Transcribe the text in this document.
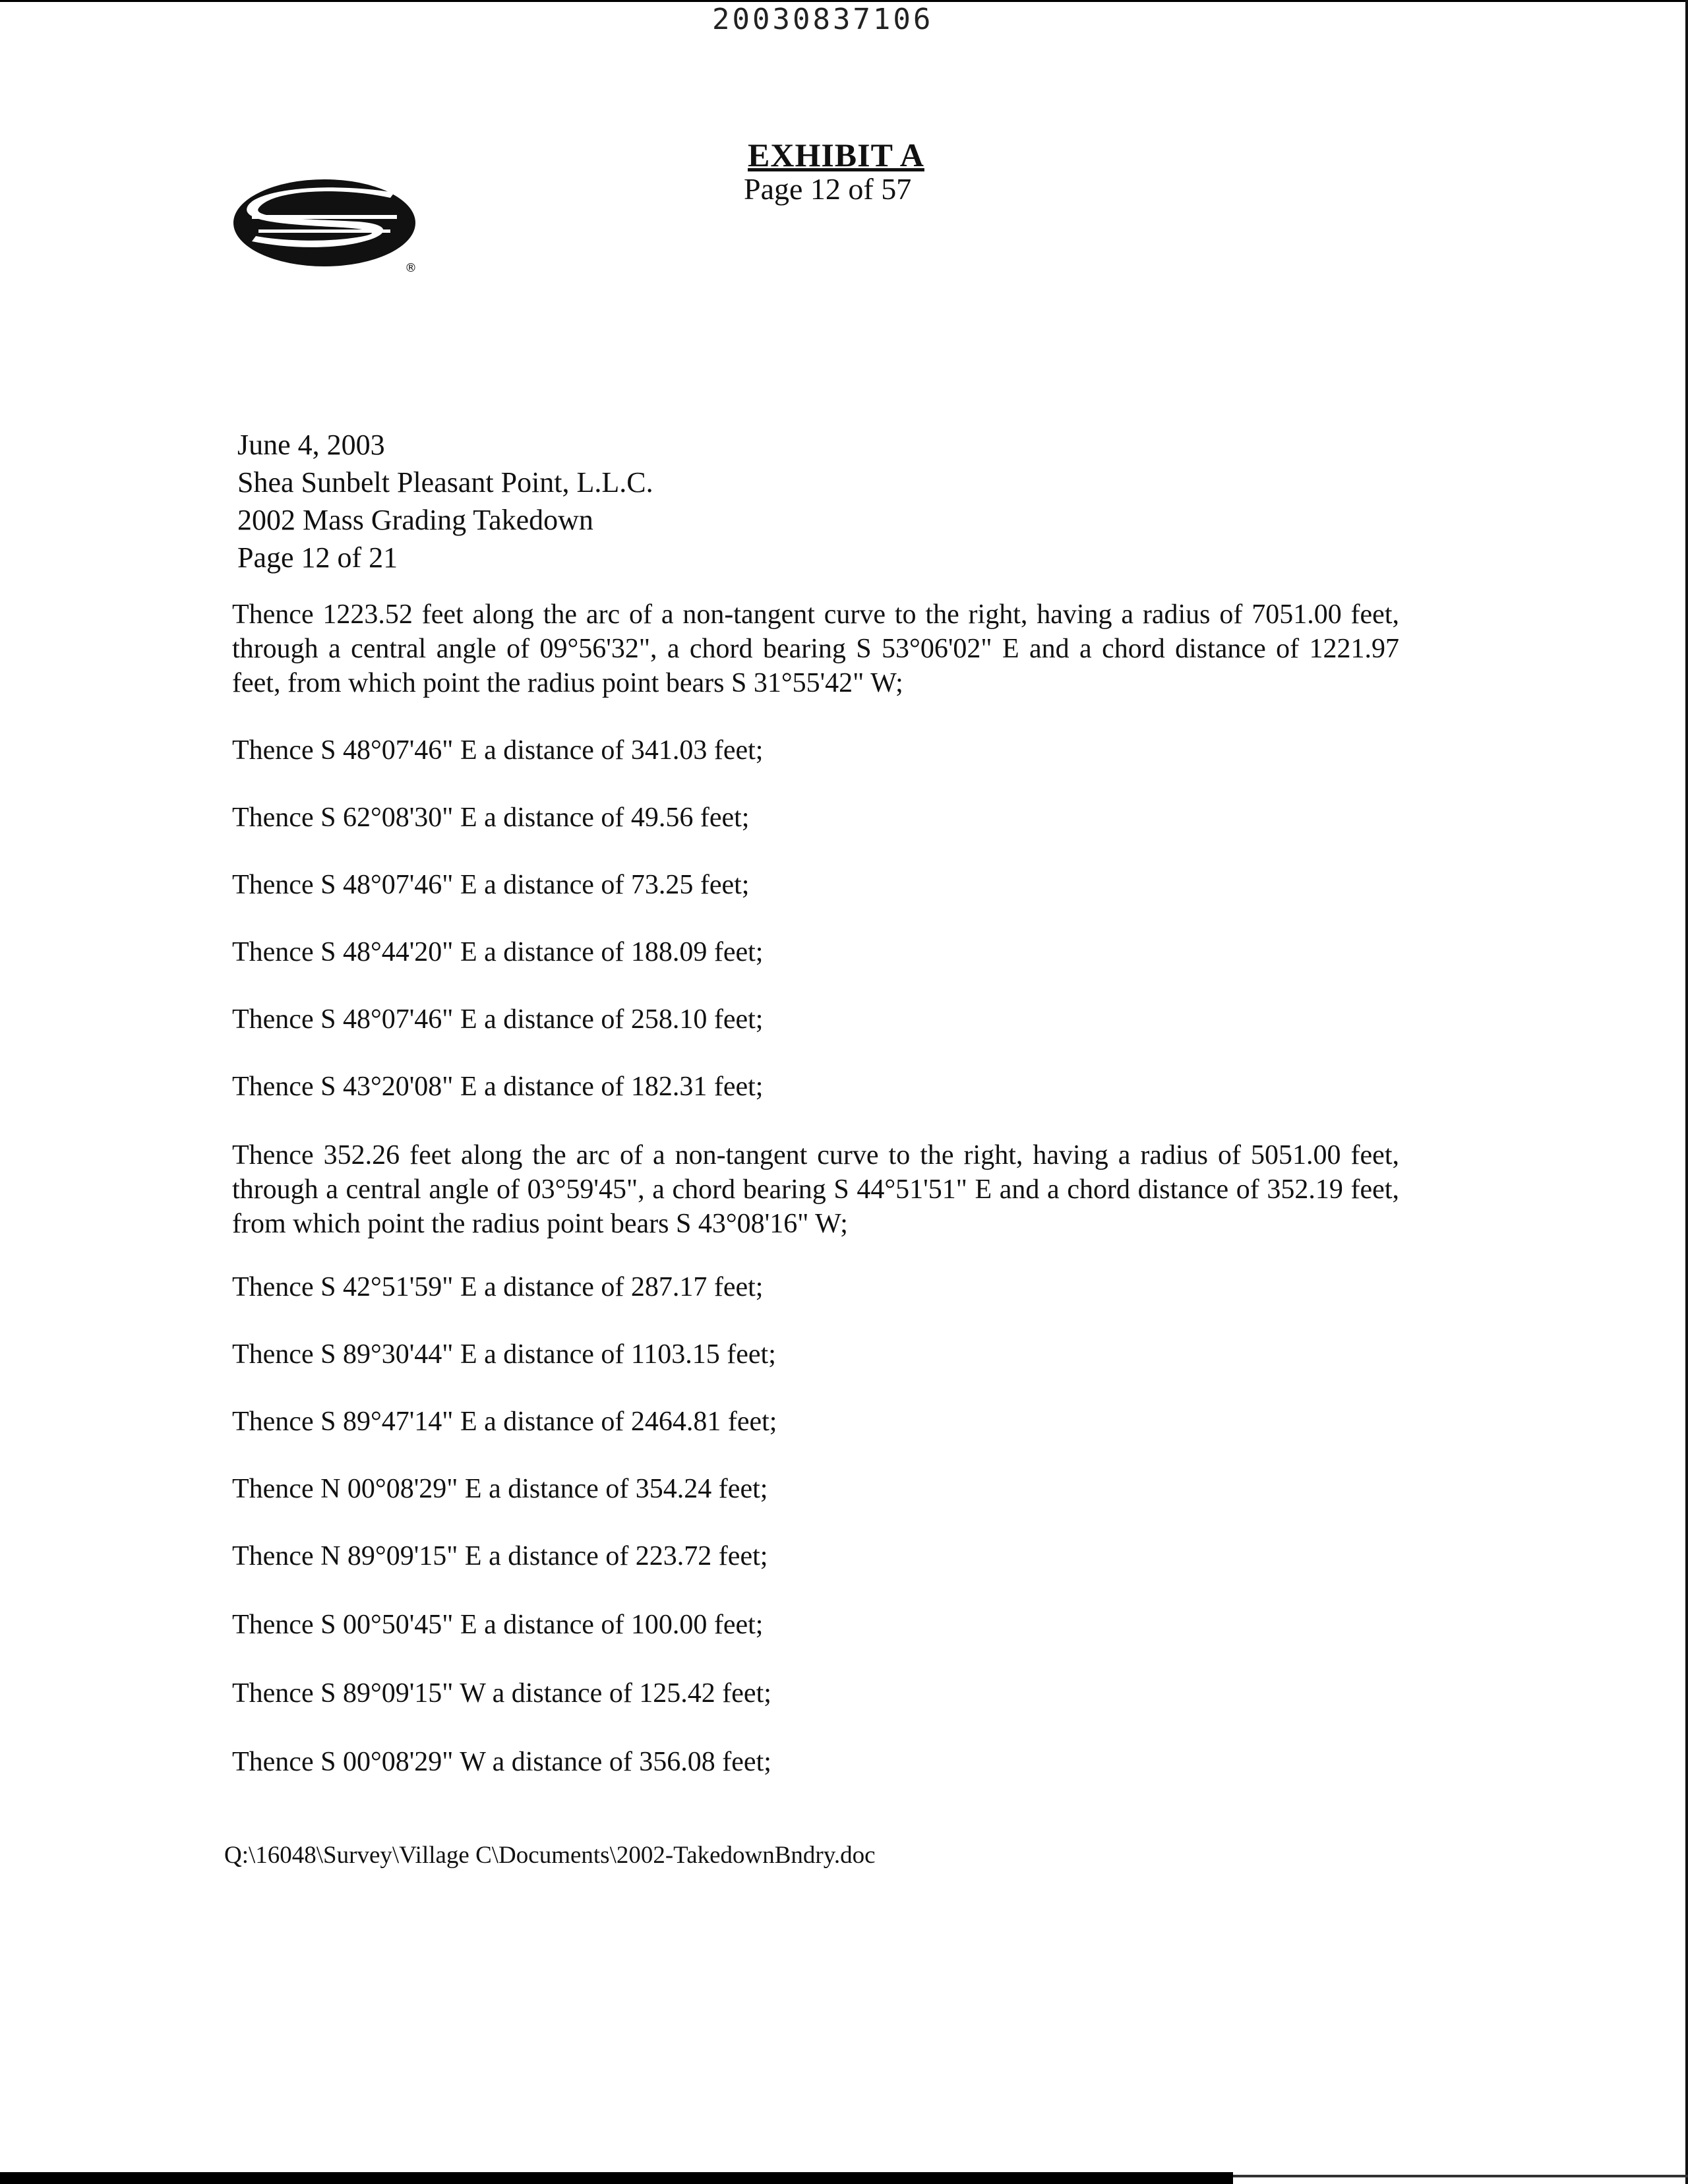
20030837106
®
EXHIBIT A
Page 12 of 57
June 4, 2003
Shea Sunbelt Pleasant Point, L.L.C.
2002 Mass Grading Takedown
Page 12 of 21
Thence 1223.52 feet along the arc of a non-tangent curve to the right, having a radius of 7051.00 feet, through a central angle of 09°56'32", a chord bearing S 53°06'02" E and a chord distance of 1221.97 feet, from which point the radius point bears S 31°55'42" W;
Thence S 48°07'46" E a distance of 341.03 feet;
Thence S 62°08'30" E a distance of 49.56 feet;
Thence S 48°07'46" E a distance of 73.25 feet;
Thence S 48°44'20" E a distance of 188.09 feet;
Thence S 48°07'46" E a distance of 258.10 feet;
Thence S 43°20'08" E a distance of 182.31 feet;
Thence 352.26 feet along the arc of a non-tangent curve to the right, having a radius of 5051.00 feet, through a central angle of 03°59'45", a chord bearing S 44°51'51" E and a chord distance of 352.19 feet, from which point the radius point bears S 43°08'16" W;
Thence S 42°51'59" E a distance of 287.17 feet;
Thence S 89°30'44" E a distance of 1103.15 feet;
Thence S 89°47'14" E a distance of 2464.81 feet;
Thence N 00°08'29" E a distance of 354.24 feet;
Thence N 89°09'15" E a distance of 223.72 feet;
Thence S 00°50'45" E a distance of 100.00 feet;
Thence S 89°09'15" W a distance of 125.42 feet;
Thence S 00°08'29" W a distance of 356.08 feet;
Q:\16048\Survey\Village C\Documents\2002-TakedownBndry.doc
